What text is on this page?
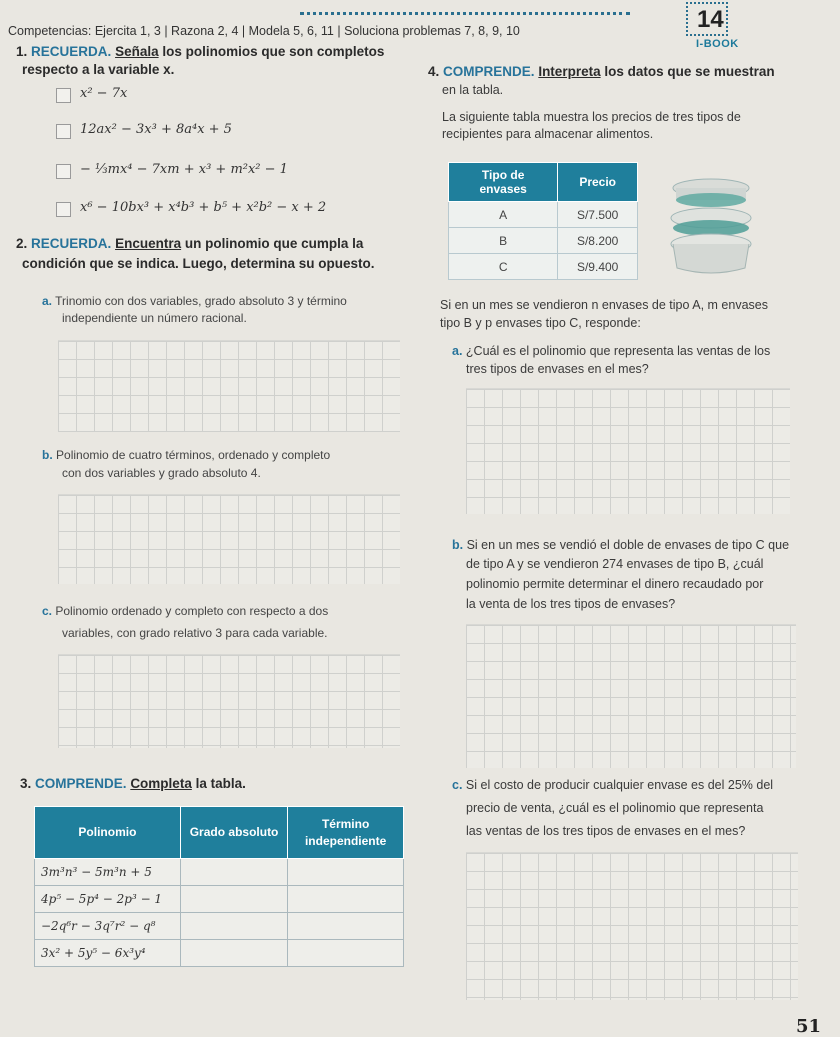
Competencias: Ejercita 1, 3 | Razona 2, 4 | Modela 5, 6, 11 | Soluciona problemas 7, 8, 9, 10	14
I-BOOK
1. RECUERDA. Señala los polinomios que son completos
respecto a la variable x.
x² − 7x
12ax² − 3x³ + 8a⁴x + 5
− ⅓mx⁴ − 7xm + x³ + m²x² − 1
x⁶ − 10bx³ + x⁴b³ + b⁵ + x²b² − x + 2
2. RECUERDA. Encuentra un polinomio que cumpla la
condición que se indica. Luego, determina su opuesto.
a. Trinomio con dos variables, grado absoluto 3 y término
independiente un número racional.
b. Polinomio de cuatro términos, ordenado y completo
con dos variables y grado absoluto 4.
c. Polinomio ordenado y completo con respecto a dos
variables, con grado relativo 3 para cada variable.
3. COMPRENDE. Completa la tabla.
Polinomio	Grado absoluto	Término independiente
3m³n³ − 5m³n + 5		
4p⁵ − 5p⁴ − 2p³ − 1		
−2q⁶r − 3q⁷r² − q⁸		
3x² + 5y⁵ − 6x³y⁴		
4. COMPRENDE. Interpreta los datos que se muestran
en la tabla.
La siguiente tabla muestra los precios de tres tipos de
recipientes para almacenar alimentos.
Tipo de envases	Precio
A	S/7.500
B	S/8.200
C	S/9.400
Si en un mes se vendieron n envases de tipo A, m envases
tipo B y p envases tipo C, responde:
a. ¿Cuál es el polinomio que representa las ventas de los
tres tipos de envases en el mes?
b. Si en un mes se vendió el doble de envases de tipo C que
de tipo A y se vendieron 274 envases de tipo B, ¿cuál
polinomio permite determinar el dinero recaudado por
la venta de los tres tipos de envases?
c. Si el costo de producir cualquier envase es del 25% del
precio de venta, ¿cuál es el polinomio que representa
las ventas de los tres tipos de envases en el mes?
51
